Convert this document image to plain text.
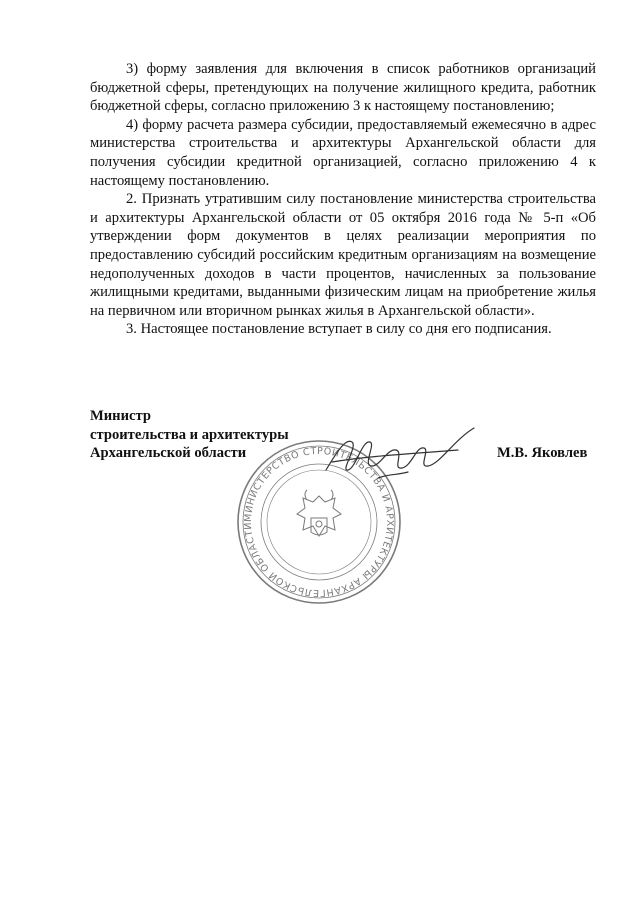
3) форму заявления для включения в список работников организаций бюджетной сферы, претендующих на получение жилищного кредита, работник бюджетной сферы, согласно приложению 3 к настоящему постановлению;

4) форму расчета размера субсидии, предоставляемый ежемесячно в адрес министерства строительства и архитектуры Архангельской области для получения субсидии кредитной организацией, согласно приложению 4 к настоящему постановлению.

2. Признать утратившим силу постановление министерства строительства и архитектуры Архангельской области от 05 октября 2016 года № 5-п «Об утверждении форм документов в целях реализации мероприятия по предоставлению субсидий российским кредитным организациям на возмещение недополученных доходов в части процентов, начисленных за пользование жилищными кредитами, выданными физическим лицам на приобретение жилья на первичном или вторичном рынках жилья в Архангельской области».

3. Настоящее постановление вступает в силу со дня его подписания.

МИНИСТЕРСТВО СТРОИТЕЛЬСТВА И АРХИТЕКТУРЫ АРХАНГЕЛЬСКОЙ ОБЛАСТИ
Министр
строительства и архитектуры
Архангельской области	М.В. Яковлев
